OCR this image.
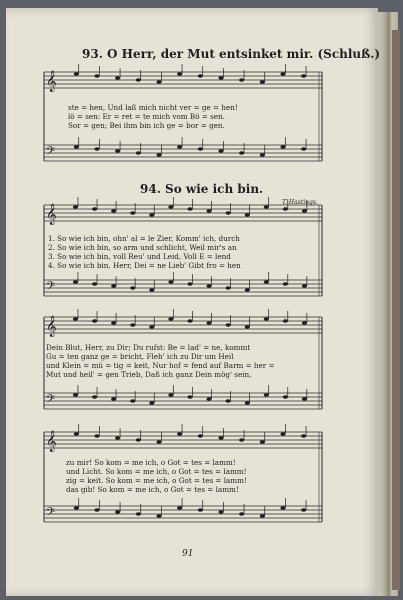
𝄞
𝄢
𝄞
𝄢
𝄞
𝄢
𝄞
𝄢
93. O Herr, der Mut entsinket mir. (Schluß.)
ste = hen, Und laß mich nicht ver = ge = hen!
lö = sen: Er = ret = te mich vom Bö = sen.
Sor = gen; Bei ihm bin ich ge = bor = gen.
94. So wie ich bin.
T. Hastings.
1. So wie ich bin, ohn' al = le Zier, Komm' ich, durch
2. So wie ich bin, so arm und schlicht, Weil mir's an
3. So wie ich bin, voll Reu' und Leid, Voll E = lend
4. So wie ich bin, Herr, Dei = ne Lieb' Gibt fro = hen
Dein Blut, Herr, zu Dir; Du rufst: Be = lad' = ne, kommt
Gu = ten ganz ge = bricht, Fleh' ich zu Dir um Heil
und Klein = mü = tig = keit, Nur hof = fend auf Barm = her =
Mut und heil' = gen Trieb, Daß ich ganz Dein mög' sein,
zu mir! So kom = me ich, o Got = tes = lamm!
und Licht. So kom = me ich, o Got = tes = lamm!
zig = keit. So kom = me ich, o Got = tes = lamm!
das gib! So kom = me ich, o Got = tes = lamm!
91
